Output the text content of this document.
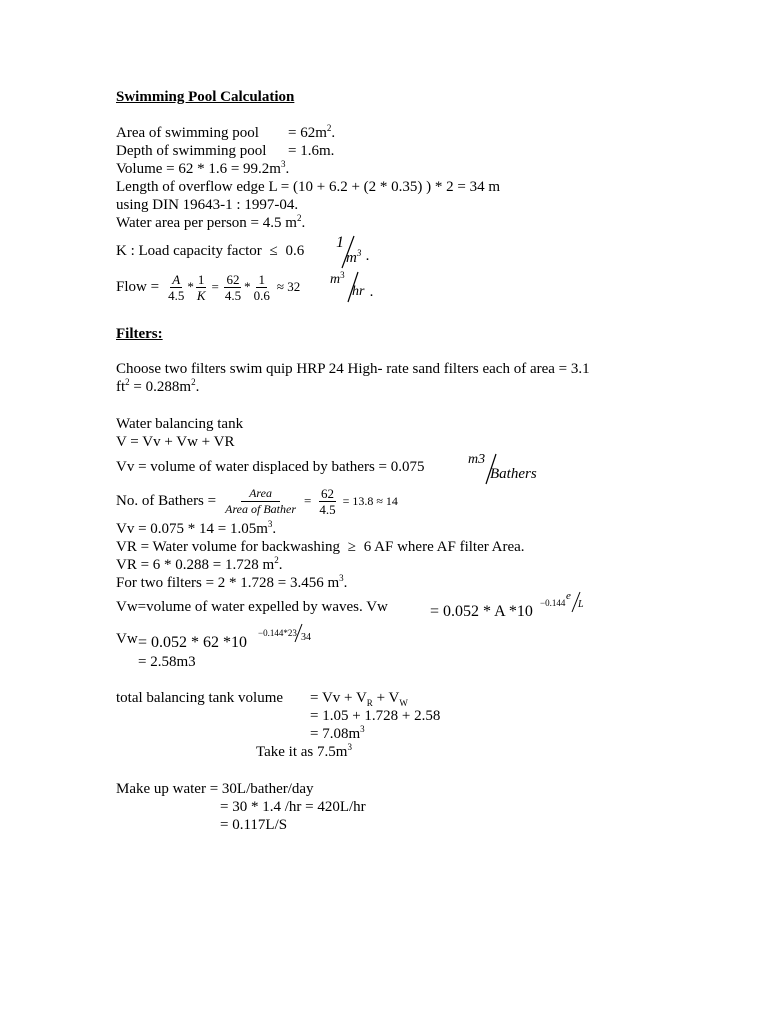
Swimming Pool Calculation
Area of swimming pool = $62m^2$.
Depth of swimming pool = 1.6m.
Volume = $62 * 1.6 = 99.2m^3$.
Length of overflow edge L = (10 + 6.2 + (2 * 0.35) ) * 2 = 34 m
using DIN 19643-1 : 1997-04.
Water area per person = 4.5 $m^2$.
K : Load capacity factor ≤ 0.6 1
$m^3$ .
Flow = $\frac{A}{4.5} * \frac{1}{K} = \frac{62}{4.5} * \frac{1}{0.6} \approx 32$ $m^3$
hr .
Filters:
Choose two filters swim quip HRP 24 High- rate sand filters each of area = 3.1
$ft^2 = 0.288m^2$.
Water balancing tank
V = Vv + Vw + VR
Vv = volume of water displaced by bathers = 0.075	m3
Bathers
No. of Bathers = $\frac{\text{Area}}{\text{Area of Bather}} = \frac{62}{4.5} = 13.8 \approx 14$
$Vv = 0.075 * 14 = 1.05m^3$.
VR = Water volume for backwashing ≥ 6 AF where AF filter Area.
VR = 6 * 0.288 = 1.728 $m^2$.
For two filters = 2 * 1.728 = 3.456 $m^3$.
Vw=volume of water expelled by waves. Vw	= 0.052 * A *10 −0.144
e
L
Vw = 0.052 * 62 *10
−0.144*23 34
= 2.58m3
total balancing tank volume = $Vv + V_R + V_W$
= 1.05 + 1.728 + 2.58
= $7.08m^3$
Take it as $7.5m^3$
Make up water = 30L/bather/day
= 30 * 1.4 /hr = 420L/hr
= 0.117L/S
